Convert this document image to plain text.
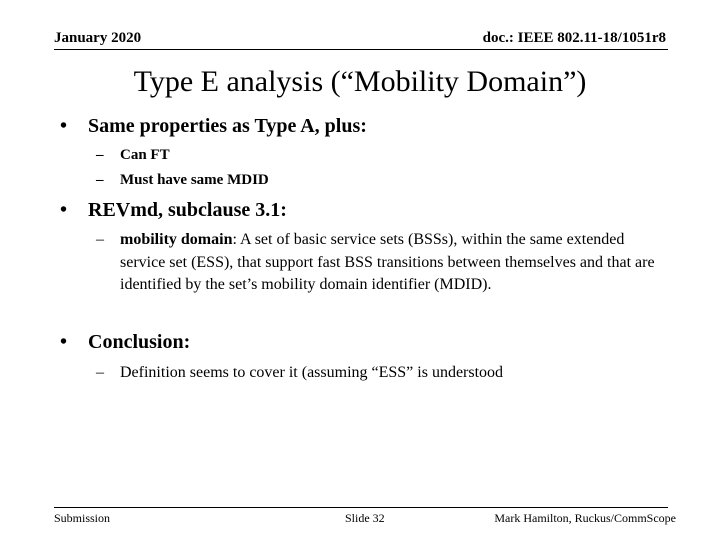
January 2020	doc.: IEEE 802.11-18/1051r8
Type E analysis (“Mobility Domain”)
• Same properties as Type A, plus:
– Can FT
– Must have same MDID
• REVmd, subclause 3.1:
– mobility domain: A set of basic service sets (BSSs), within the same extended service set (ESS), that support fast BSS transitions between themselves and that are identified by the set’s mobility domain identifier (MDID).
• Conclusion:
– Definition seems to cover it (assuming “ESS” is understood
Submission	Slide 32	Mark Hamilton, Ruckus/CommScope
